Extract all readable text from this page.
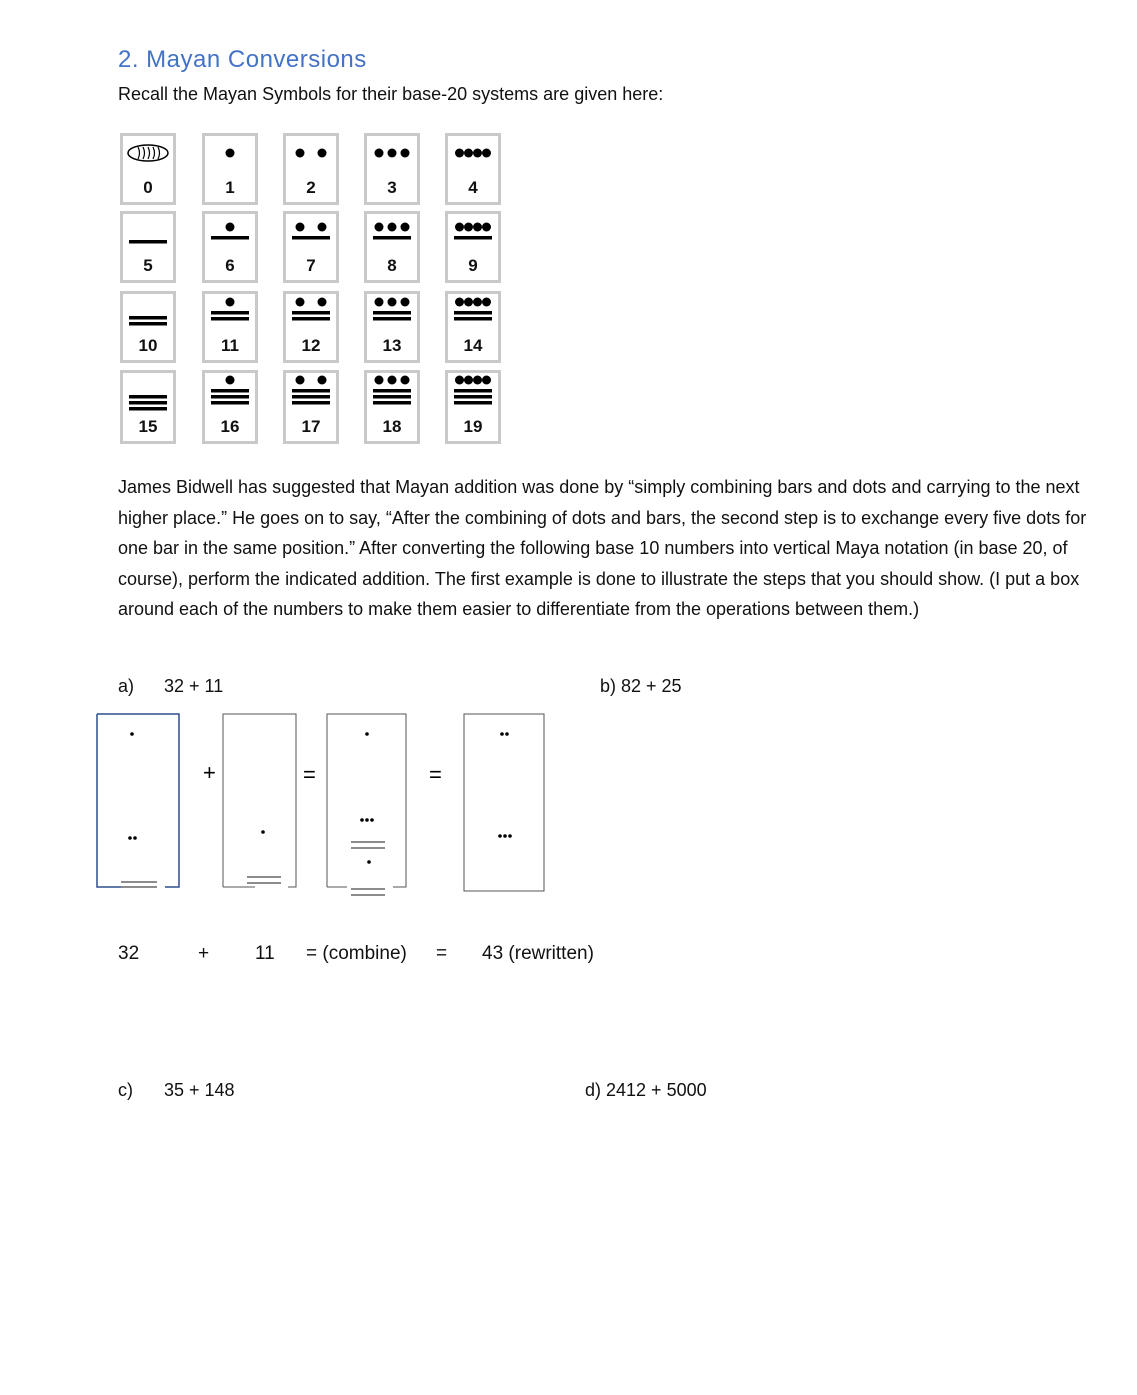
2. Mayan Conversions

Recall the Mayan Symbols for their base-20 systems are given here:

0	1	2	3	4
5	6	7	8	9
10	11	12	13	14
15	16	17	18	19

James Bidwell has suggested that Mayan addition was done by “simply combining bars and dots and carrying to the next higher place.” He goes on to say, “After the combining of dots and bars, the second step is to exchange every five dots for one bar in the same position.” After converting the following base 10 numbers into vertical Maya notation (in base 20, of course), perform the indicated addition. The first example is done to illustrate the steps that you should show. (I put a box around each of the numbers to make them easier to differentiate from the operations between them.)

a) 32 + 11	b) 82 + 25
+	=	=
32	+ 11 = (combine) = 43 (rewritten)
c) 35 + 148	d) 2412 + 5000
